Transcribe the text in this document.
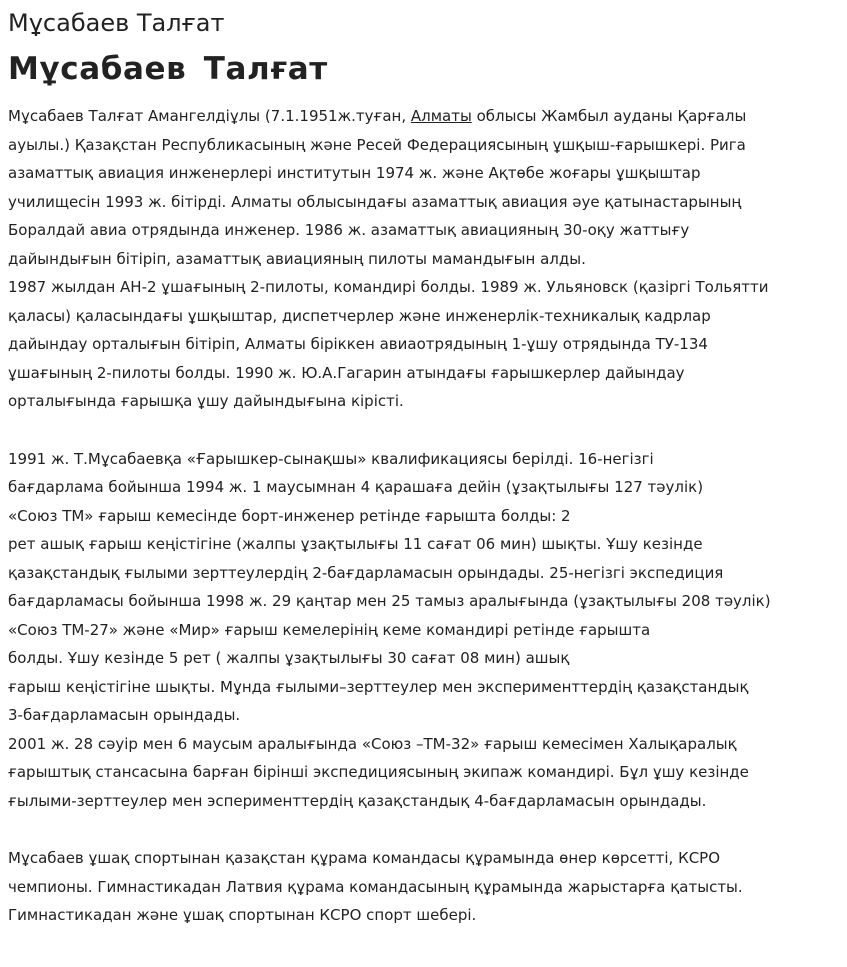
Мұсабаев Талғат
Мұсабаев Талғат

Мұсабаев Талғат Амангелдіұлы (7.1.1951ж.туған, Алматы облысы Жамбыл ауданы Қарғалы
ауылы.) Қазақстан Республикасының және Ресей Федерациясының ұшқыш-ғарышкері. Рига
азаматтық авиация инженерлері институтын 1974 ж. және Ақтөбе жоғары ұшқыштар
училищесін 1993 ж. бітірді. Алматы облысындағы азаматтық авиация әуе қатынастарының
Боралдай авиа отрядында инженер. 1986 ж. азаматтық авиацияның 30-оқу жаттығу
дайындығын бітіріп, азаматтық авиацияның пилоты мамандығын алды.

1987 жылдан АН-2 ұшағының 2-пилоты, командирі болды. 1989 ж. Ульяновск (қазіргі Тольятти
қаласы) қаласындағы ұшқыштар, диспетчерлер және инженерлік-техникалық кадрлар
дайындау орталығын бітіріп, Алматы біріккен авиаотрядының 1-ұшу отрядында ТУ-134
ұшағының 2-пилоты болды. 1990 ж. Ю.А.Гагарин атындағы ғарышкерлер дайындау
орталығында ғарышқа ұшу дайындығына кірісті.

1991 ж. Т.Мұсабаевқа «Ғарышкер-сынақшы» квалификациясы берілді. 16-негізгі
бағдарлама бойынша 1994 ж. 1 маусымнан 4 қарашаға дейін (ұзақтылығы 127 тәулік)
«Союз ТМ» ғарыш кемесінде борт-инженер ретінде ғарышта болды: 2
рет ашық ғарыш кеңістігіне (жалпы ұзақтылығы 11 сағат 06 мин) шықты. Ұшу кезінде
қазақстандық ғылыми зерттеулердің 2-бағдарламасын орындады. 25-негізгі экспедиция
бағдарламасы бойынша 1998 ж. 29 қаңтар мен 25 тамыз аралығында (ұзақтылығы 208 тәулік)
«Союз ТМ-27» және «Мир» ғарыш кемелерінің кеме командирі ретінде ғарышта
болды. Ұшу кезінде 5 рет ( жалпы ұзақтылығы 30 сағат 08 мин) ашық
ғарыш кеңістігіне шықты. Мұнда ғылыми–зерттеулер мен эксперименттердің қазақстандық
3-бағдарламасын орындады.

2001 ж. 28 сәуір мен 6 маусым аралығында «Союз –ТМ-32» ғарыш кемесімен Халықаралық
ғарыштық стансасына барған бірінші экспедициясының экипаж командирі. Бұл ұшу кезінде
ғылыми-зерттеулер мен эсперименттердің қазақстандық 4-бағдарламасын орындады.

Мұсабаев ұшақ спортынан қазақстан құрама командасы құрамында өнер көрсетті, КСРО
чемпионы. Гимнастикадан Латвия құрама командасының құрамында жарыстарға қатысты.
Гимнастикадан және ұшақ спортынан КСРО спорт шебері.
